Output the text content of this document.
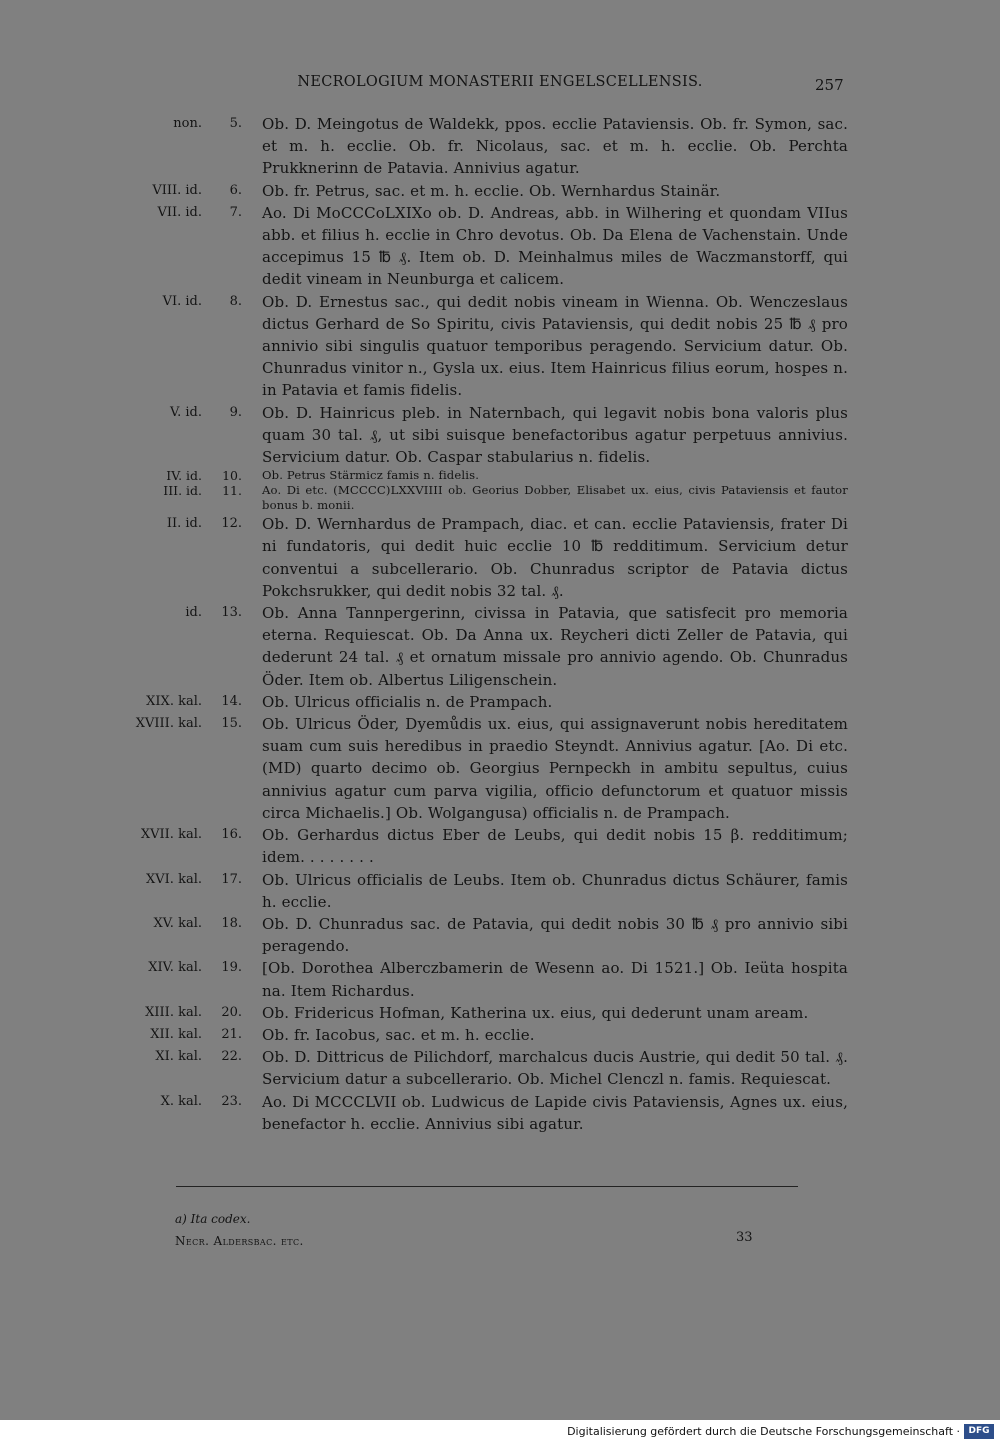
NECROLOGIUM MONASTERII ENGELSCELLENSIS.	257
non.	5.	Ob. D. Meingotus de Waldekk, ppos. ecclie Pataviensis. Ob. fr. Symon, sac. et m. h. ecclie. Ob. fr. Nicolaus, sac. et m. h. ecclie. Ob. Perchta Prukknerinn de Patavia. Annivius agatur.
VIII. id.	6.	Ob. fr. Petrus, sac. et m. h. ecclie. Ob. Wernhardus Stainär.
VII. id.	7.	Ao. Di MoCCCoLXIXo ob. D. Andreas, abb. in Wilhering et quondam VIIus abb. et filius h. ecclie in Chro devotus. Ob. Da Elena de Vachenstain. Unde accepimus 15 ℔ ₰. Item ob. D. Meinhalmus miles de Waczmanstorff, qui dedit vineam in Neunburga et calicem.
VI. id.	8.	Ob. D. Ernestus sac., qui dedit nobis vineam in Wienna. Ob. Wenczeslaus dictus Gerhard de So Spiritu, civis Pataviensis, qui dedit nobis 25 ℔ ₰ pro annivio sibi singulis quatuor temporibus peragendo. Servicium datur. Ob. Chunradus vinitor n., Gysla ux. eius. Item Hainricus filius eorum, hospes n. in Patavia et famis fidelis.
V. id.	9.	Ob. D. Hainricus pleb. in Naternbach, qui legavit nobis bona valoris plus quam 30 tal. ₰, ut sibi suisque benefactoribus agatur perpetuus annivius. Servicium datur. Ob. Caspar stabularius n. fidelis.
IV. id.	10.	Ob. Petrus Stärmicz famis n. fidelis.
III. id.	11.	Ao. Di etc. (MCCCC)LXXVIIII ob. Georius Dobber, Elisabet ux. eius, civis Pataviensis et fautor bonus b. monii.
II. id.	12.	Ob. D. Wernhardus de Prampach, diac. et can. ecclie Pataviensis, frater Di ni fundatoris, qui dedit huic ecclie 10 ℔ redditimum. Servicium detur conventui a subcellerario. Ob. Chunradus scriptor de Patavia dictus Pokchsrukker, qui dedit nobis 32 tal. ₰.
id.	13.	Ob. Anna Tannpergerinn, civissa in Patavia, que satisfecit pro memoria eterna. Requiescat. Ob. Da Anna ux. Reycheri dicti Zeller de Patavia, qui dederunt 24 tal. ₰ et ornatum missale pro annivio agendo. Ob. Chunradus Öder. Item ob. Albertus Liligenschein.
XIX. kal.	14.	Ob. Ulricus officialis n. de Prampach.
XVIII. kal.	15.	Ob. Ulricus Öder, Dyemůdis ux. eius, qui assignaverunt nobis hereditatem suam cum suis heredibus in praedio Steyndt. Annivius agatur. [Ao. Di etc. (MD) quarto decimo ob. Georgius Pernpeckh in ambitu sepultus, cuius annivius agatur cum parva vigilia, officio defunctorum et quatuor missis circa Michaelis.] Ob. Wolgangusa) officialis n. de Prampach.
XVII. kal.	16.	Ob. Gerhardus dictus Eber de Leubs, qui dedit nobis 15 β. redditimum; idem. . . . . . . .
XVI. kal.	17.	Ob. Ulricus officialis de Leubs. Item ob. Chunradus dictus Schäurer, famis h. ecclie.
XV. kal.	18.	Ob. D. Chunradus sac. de Patavia, qui dedit nobis 30 ℔ ₰ pro annivio sibi peragendo.
XIV. kal.	19.	[Ob. Dorothea Alberczbamerin de Wesenn ao. Di 1521.] Ob. Ieüta hospita na. Item Richardus.
XIII. kal.	20.	Ob. Fridericus Hofman, Katherina ux. eius, qui dederunt unam aream.
XII. kal.	21.	Ob. fr. Iacobus, sac. et m. h. ecclie.
XI. kal.	22.	Ob. D. Dittricus de Pilichdorf, marchalcus ducis Austrie, qui dedit 50 tal. ₰. Servicium datur a subcellerario. Ob. Michel Clenczl n. famis. Requiescat.
X. kal.	23.	Ao. Di MCCCLVII ob. Ludwicus de Lapide civis Pataviensis, Agnes ux. eius, benefactor h. ecclie. Annivius sibi agatur.
a) Ita codex.
Necr. Aldersbac. etc.	33
Digitalisierung gefördert durch die Deutsche Forschungsgemeinschaft · DFG
